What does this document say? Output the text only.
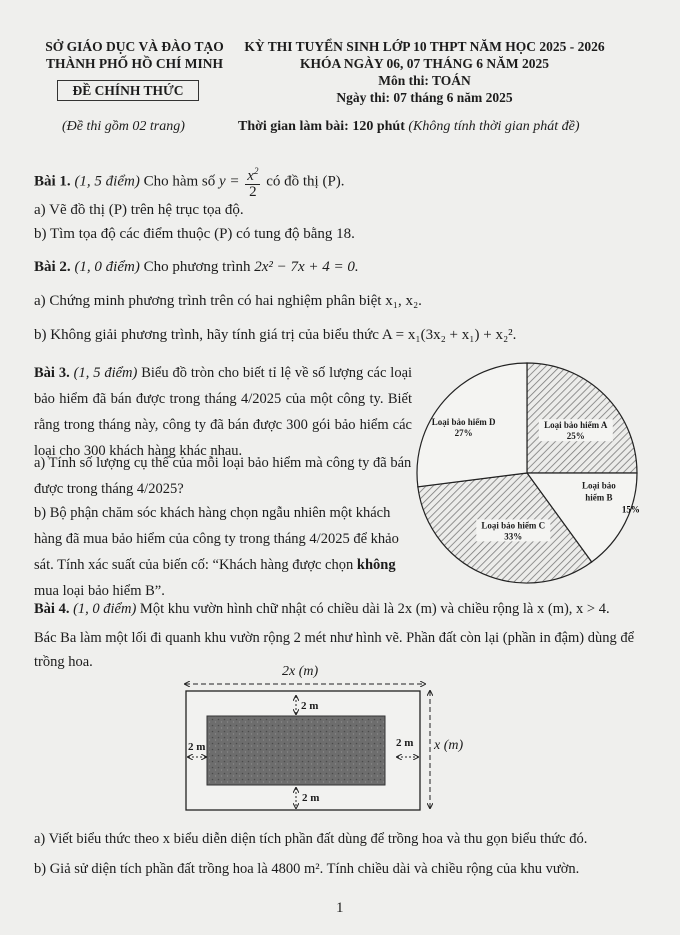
SỞ GIÁO DỤC VÀ ĐÀO TẠO
THÀNH PHỐ HỒ CHÍ MINH
ĐỀ CHÍNH THỨC
(Đề thi gồm 02 trang)
KỲ THI TUYỂN SINH LỚP 10 THPT NĂM HỌC 2025 - 2026
KHÓA NGÀY 06, 07 THÁNG 6 NĂM 2025
Môn thi: TOÁN
Ngày thi: 07 tháng 6 năm 2025
Thời gian làm bài: 120 phút (Không tính thời gian phát đề)
Bài 1. (1, 5 điểm) Cho hàm số $y = \frac{x^2}{2}$ có đồ thị (P).
a) Vẽ đồ thị (P) trên hệ trục tọa độ.
b) Tìm tọa độ các điểm thuộc (P) có tung độ bằng 18.
Bài 2. (1, 0 điểm) Cho phương trình 2x² − 7x + 4 = 0.
a) Chứng minh phương trình trên có hai nghiệm phân biệt x₁, x₂.
b) Không giải phương trình, hãy tính giá trị của biểu thức A = x₁(3x₂ + x₁) + x₂².
Bài 3. (1, 5 điểm) Biểu đồ tròn cho biết tỉ lệ về số lượng các loại bảo hiểm đã bán được trong tháng 4/2025 của một công ty. Biết rằng trong tháng này, công ty đã bán được 300 gói bảo hiểm các loại cho 300 khách hàng khác nhau.
a) Tính số lượng cụ thể của mỗi loại bảo hiểm mà công ty đã bán được trong tháng 4/2025?
b) Bộ phận chăm sóc khách hàng chọn ngẫu nhiên một khách hàng đã mua bảo hiểm của công ty trong tháng 4/2025 để khảo sát. Tính xác suất của biến cố: “Khách hàng được chọn không mua loại bảo hiểm B”.
Loại bảo hiểm A 25%
Loại bảo hiểm B
15%
Loại bảo hiểm C 33%
Loại bảo hiểm D 27%
Bài 4. (1, 0 điểm) Một khu vườn hình chữ nhật có chiều dài là 2x (m) và chiều rộng là x (m), x > 4.
Bác Ba làm một lối đi quanh khu vườn rộng 2 mét như hình vẽ. Phần đất còn lại (phần in đậm) dùng để trồng hoa.
2x (m)
x (m)
2 m
2 m
2 m	2 m
a) Viết biểu thức theo x biểu diễn diện tích phần đất dùng để trồng hoa và thu gọn biểu thức đó.
b) Giả sử diện tích phần đất trồng hoa là 4800 m². Tính chiều dài và chiều rộng của khu vườn.
1
